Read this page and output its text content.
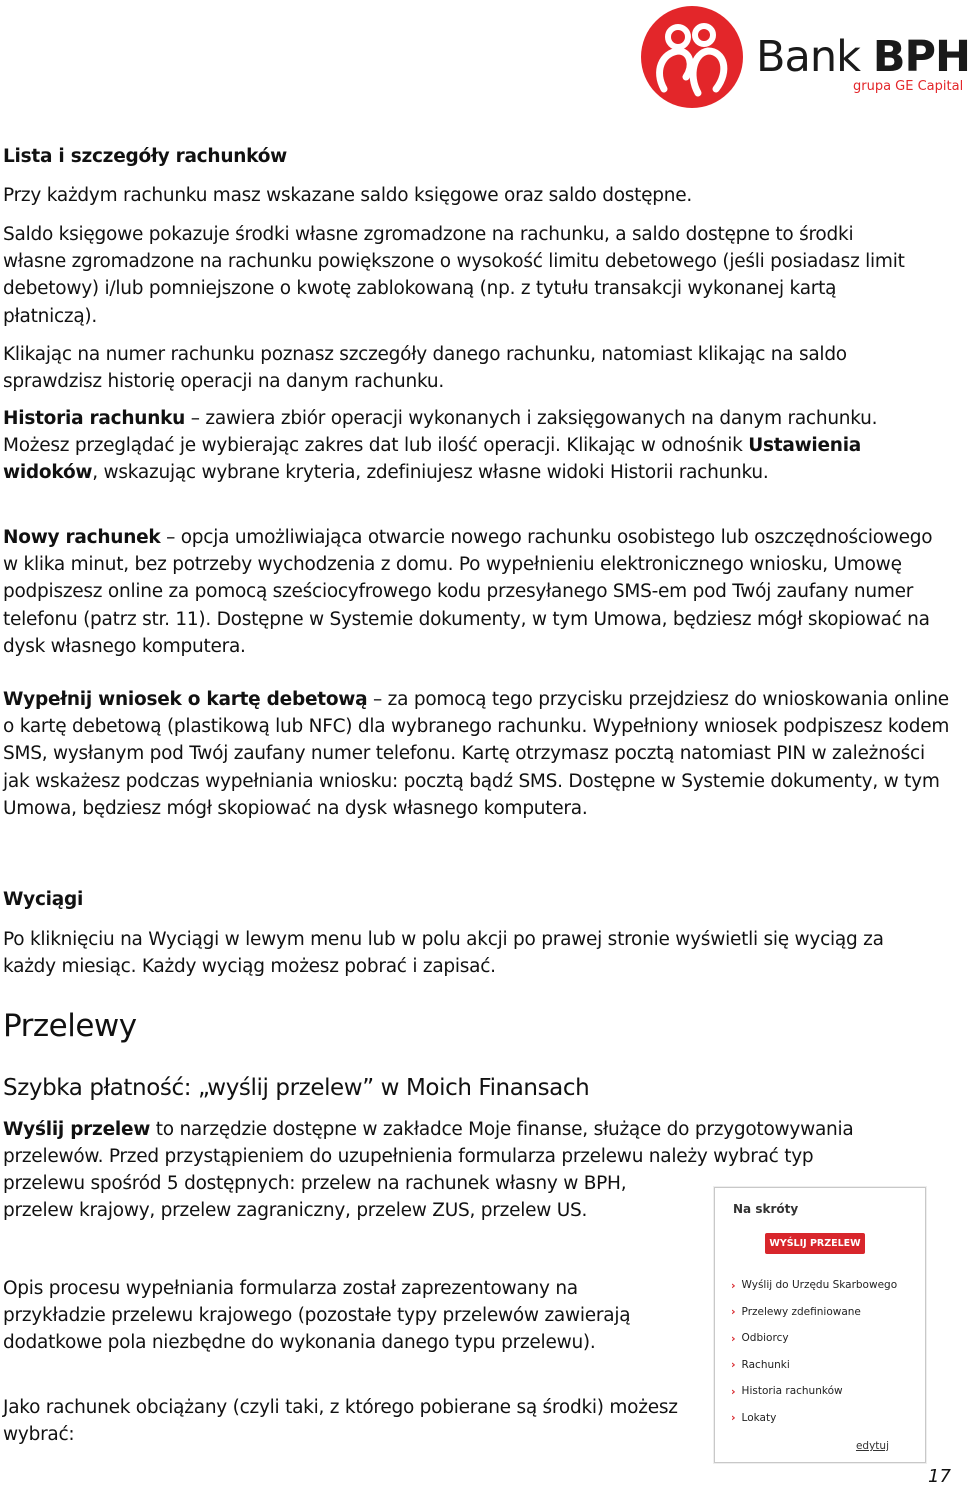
Bank BPH
grupa GE Capital

Lista i szczegóły rachunków

Przy każdym rachunku masz wskazane saldo księgowe oraz saldo dostępne.

Saldo księgowe pokazuje środki własne zgromadzone na rachunku, a saldo dostępne to środki własne zgromadzone na rachunku powiększone o wysokość limitu debetowego (jeśli posiadasz limit debetowy) i/lub pomniejszone o kwotę zablokowaną (np. z tytułu transakcji wykonanej kartą płatniczą).

Klikając na numer rachunku poznasz szczegóły danego rachunku, natomiast klikając na saldo sprawdzisz historię operacji na danym rachunku.

Historia rachunku – zawiera zbiór operacji wykonanych i zaksięgowanych na danym rachunku. Możesz przeglądać je wybierając zakres dat lub ilość operacji. Klikając w odnośnik Ustawienia widoków, wskazując wybrane kryteria, zdefiniujesz własne widoki Historii rachunku.

Nowy rachunek – opcja umożliwiająca otwarcie nowego rachunku osobistego lub oszczędnościowego w klika minut, bez potrzeby wychodzenia z domu. Po wypełnieniu elektronicznego wniosku, Umowę podpiszesz online za pomocą sześciocyfrowego kodu przesyłanego SMS-em pod Twój zaufany numer telefonu (patrz str. 11). Dostępne w Systemie dokumenty, w tym Umowa, będziesz mógł skopiować na dysk własnego komputera.

Wypełnij wniosek o kartę debetową – za pomocą tego przycisku przejdziesz do wnioskowania online o kartę debetową (plastikową lub NFC) dla wybranego rachunku. Wypełniony wniosek podpiszesz kodem SMS, wysłanym pod Twój zaufany numer telefonu. Kartę otrzymasz pocztą natomiast PIN w zależności jak wskażesz podczas wypełniania wniosku: pocztą bądź SMS. Dostępne w Systemie dokumenty, w tym Umowa, będziesz mógł skopiować na dysk własnego komputera.

Wyciągi

Po kliknięciu na Wyciągi w lewym menu lub w polu akcji po prawej stronie wyświetli się wyciąg za każdy miesiąc. Każdy wyciąg możesz pobrać i zapisać.

Przelewy
Szybka płatność: „wyślij przelew” w Moich Finansach

Wyślij przelew to narzędzie dostępne w zakładce Moje finanse, służące do przygotowywania przelewów. Przed przystąpieniem do uzupełnienia formularza przelewu należy wybrać typ

przelewu spośród 5 dostępnych: przelew na rachunek własny w BPH, przelew krajowy, przelew zagraniczny, przelew ZUS, przelew US.

Opis procesu wypełniania formularza został zaprezentowany na przykładzie przelewu krajowego (pozostałe typy przelewów zawierają dodatkowe pola niezbędne do wykonania danego typu przelewu).

Jako rachunek obciążany (czyli taki, z którego pobierane są środki) możesz wybrać:

Na skróty
WYŚLIJ PRZELEW
› Wyślij do Urzędu Skarbowego
› Przelewy zdefiniowane
› Odbiorcy
› Rachunki
› Historia rachunków
› Lokaty
edytuj
17
